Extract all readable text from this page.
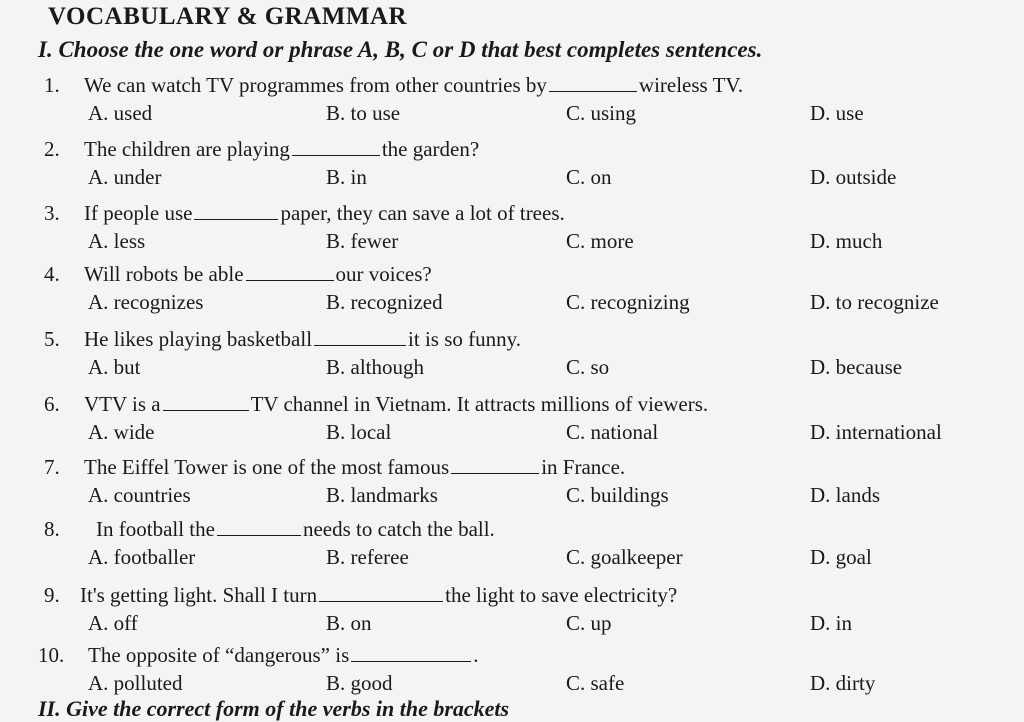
VOCABULARY & GRAMMAR
I. Choose the one word or phrase A, B, C or D that best completes sentences.
1. We can watch TV programmes from other countries by	wireless TV.
A. used	B. to use	C. using	D. use
2. The children are playing	the garden?
A. under	B. in	C. on	D. outside
3. If people use	paper, they can save a lot of trees.
A. less	B. fewer	C. more	D. much
4. Will robots be able	our voices?
A. recognizes	B. recognized	C. recognizing	D. to recognize
5. He likes playing basketball	it is so funny.
A. but	B. although	C. so	D. because
6. VTV is a	TV channel in Vietnam. It attracts millions of viewers.
A. wide	B. local	C. national	D. international
7. The Eiffel Tower is one of the most famous	in France.
A. countries	B. landmarks	C. buildings	D. lands
8. In football the	needs to catch the ball.
A. footballer	B. referee	C. goalkeeper	D. goal
9. It's getting light. Shall I turn	the light to save electricity?
A. off	B. on	C. up	D. in
10. The opposite of “dangerous” is	.
A. polluted	B. good	C. safe	D. dirty
II. Give the correct form of the verbs in the brackets
